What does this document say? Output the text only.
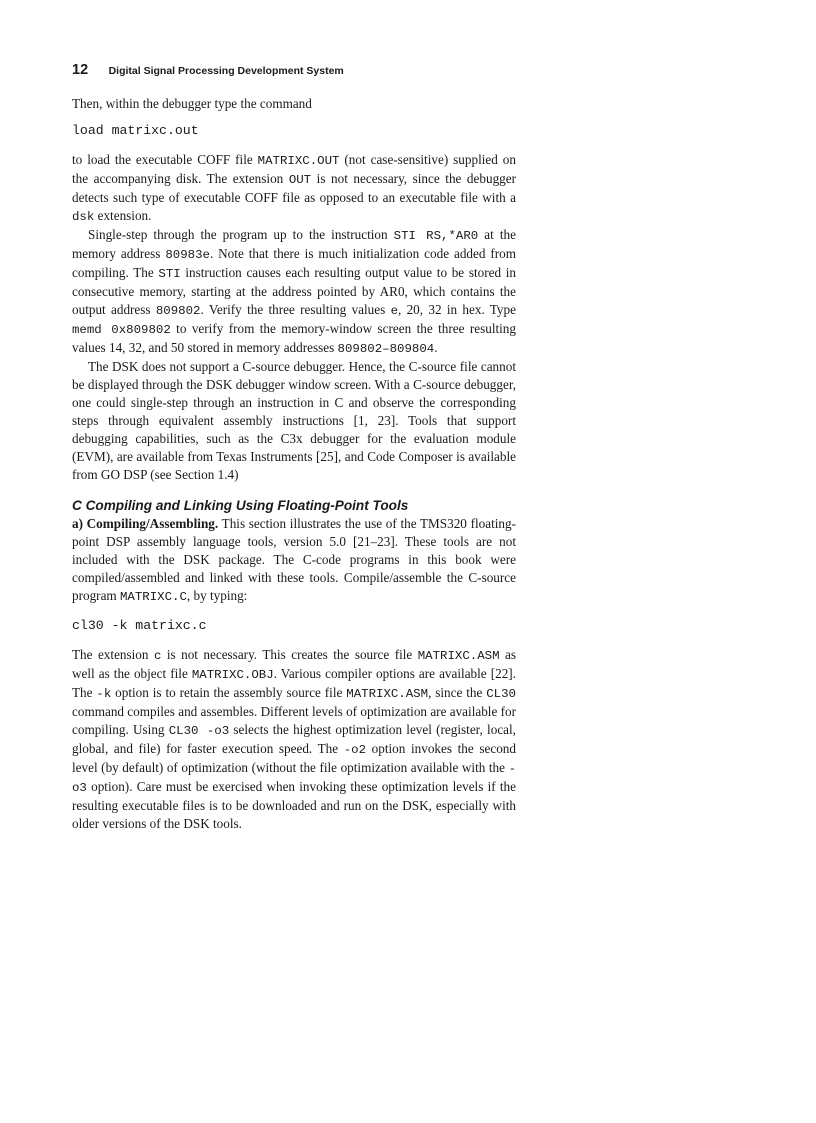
12 Digital Signal Processing Development System

Then, within the debugger type the command

load matrixc.out

to load the executable COFF file MATRIXC.OUT (not case-sensitive) supplied on the accompanying disk. The extension OUT is not necessary, since the debugger detects such type of executable COFF file as opposed to an executable file with a dsk extension.

Single-step through the program up to the instruction STI RS,*AR0 at the memory address 80983e. Note that there is much initialization code added from compiling. The STI instruction causes each resulting output value to be stored in consecutive memory, starting at the address pointed by AR0, which contains the output address 809802. Verify the three resulting values e, 20, 32 in hex. Type memd 0x809802 to verify from the memory-window screen the three resulting values 14, 32, and 50 stored in memory addresses 809802–809804.

The DSK does not support a C-source debugger. Hence, the C-source file cannot be displayed through the DSK debugger window screen. With a C-source debugger, one could single-step through an instruction in C and observe the corresponding steps through equivalent assembly instructions [1, 23]. Tools that support debugging capabilities, such as the C3x debugger for the evaluation module (EVM), are available from Texas Instruments [25], and Code Composer is available from GO DSP (see Section 1.4)

C Compiling and Linking Using Floating-Point Tools

a) Compiling/Assembling. This section illustrates the use of the TMS320 floating-point DSP assembly language tools, version 5.0 [21–23]. These tools are not included with the DSK package. The C-code programs in this book were compiled/assembled and linked with these tools. Compile/assemble the C-source program MATRIXC.C, by typing:

cl30 -k matrixc.c

The extension c is not necessary. This creates the source file MATRIXC.ASM as well as the object file MATRIXC.OBJ. Various compiler options are available [22]. The -k option is to retain the assembly source file MATRIXC.ASM, since the CL30 command compiles and assembles. Different levels of optimization are available for compiling. Using CL30 -o3 selects the highest optimization level (register, local, global, and file) for faster execution speed. The -o2 option invokes the second level (by default) of optimization (without the file optimization available with the -o3 option). Care must be exercised when invoking these optimization levels if the resulting executable files is to be downloaded and run on the DSK, especially with older versions of the DSK tools.
